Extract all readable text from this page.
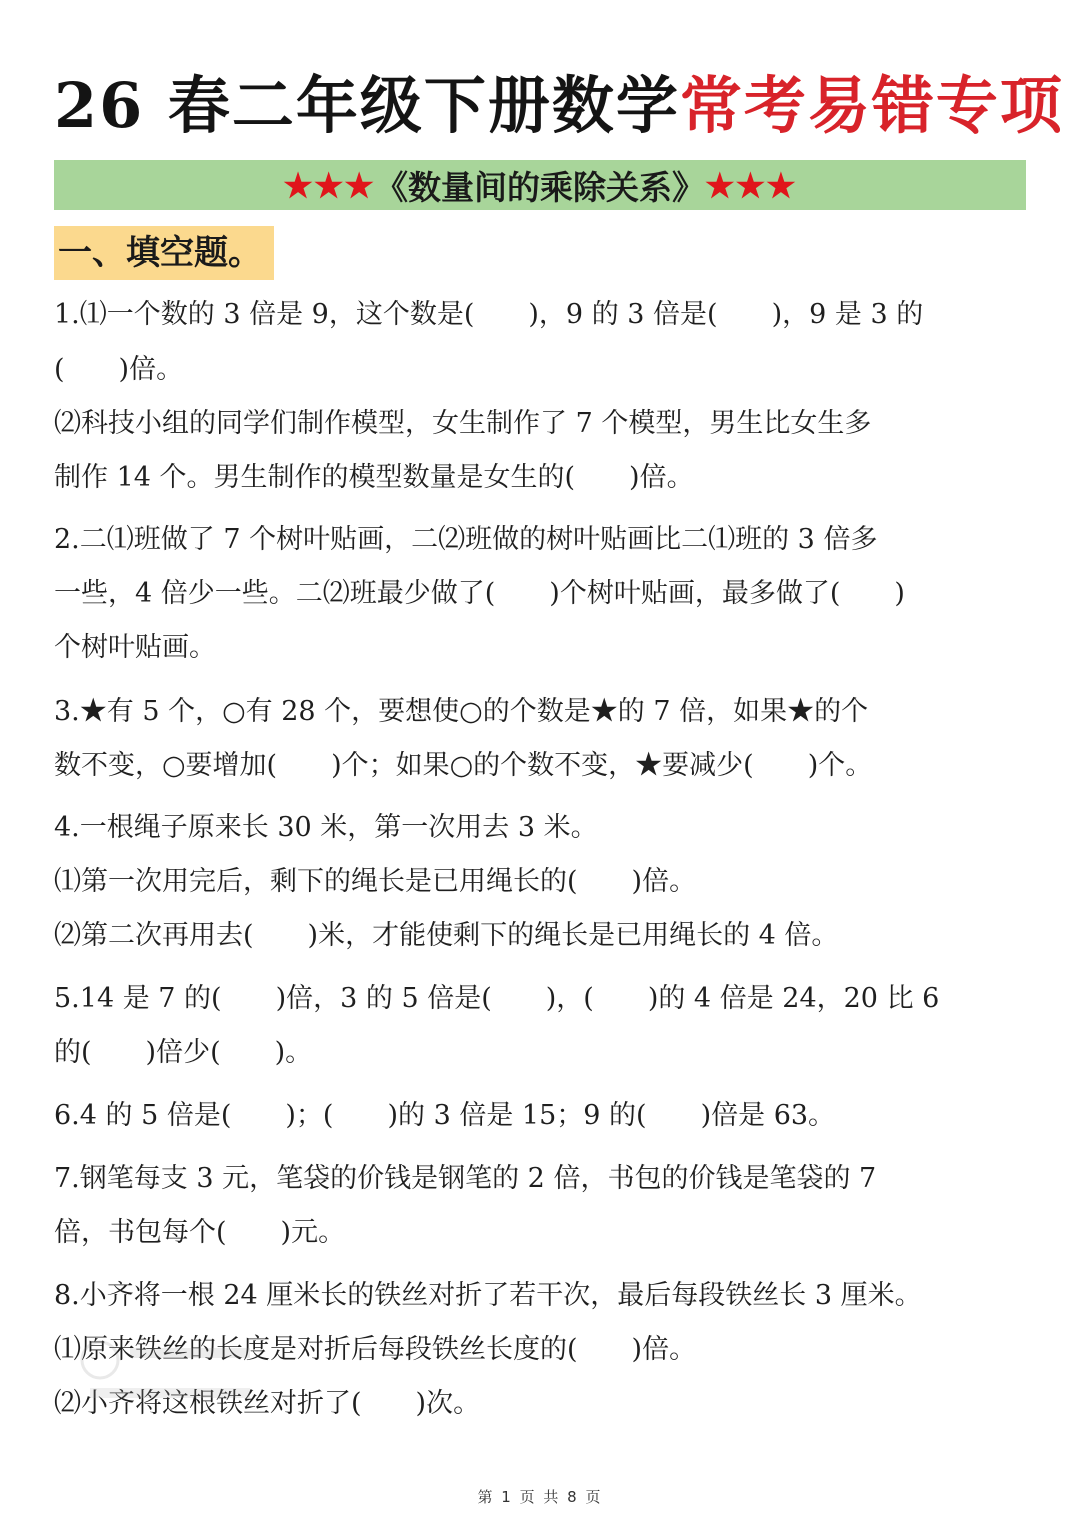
26 春二年级下册数学常考易错专项
★★★ 《数量间的乘除关系》 ★★★
一、填空题。
1.⑴一个数的 3 倍是 9，这个数是(　　)，9 的 3 倍是(　　)，9 是 3 的
(　　)倍。
⑵科技小组的同学们制作模型，女生制作了 7 个模型，男生比女生多
制作 14 个。男生制作的模型数量是女生的(　　)倍。
2.二⑴班做了 7 个树叶贴画，二⑵班做的树叶贴画比二⑴班的 3 倍多
一些，4 倍少一些。二⑵班最少做了(　　)个树叶贴画，最多做了(　　)
个树叶贴画。
3.★有 5 个，○有 28 个，要想使○的个数是★的 7 倍，如果★的个
数不变，○要增加(　　)个；如果○的个数不变，★要减少(　　)个。
4.一根绳子原来长 30 米，第一次用去 3 米。
⑴第一次用完后，剩下的绳长是已用绳长的(　　)倍。
⑵第二次再用去(　　)米，才能使剩下的绳长是已用绳长的 4 倍。
5.14 是 7 的(　　)倍，3 的 5 倍是(　　)，(　　)的 4 倍是 24，20 比 6
的(　　)倍少(　　)。
6.4 的 5 倍是(　　)；(　　)的 3 倍是 15；9 的(　　)倍是 63。
7.钢笔每支 3 元，笔袋的价钱是钢笔的 2 倍，书包的价钱是笔袋的 7
倍，书包每个(　　)元。
8.小齐将一根 24 厘米长的铁丝对折了若干次，最后每段铁丝长 3 厘米。
⑴原来铁丝的长度是对折后每段铁丝长度的(　　)倍。
⑵小齐将这根铁丝对折了(　　)次。
第 1 页 共 8 页
